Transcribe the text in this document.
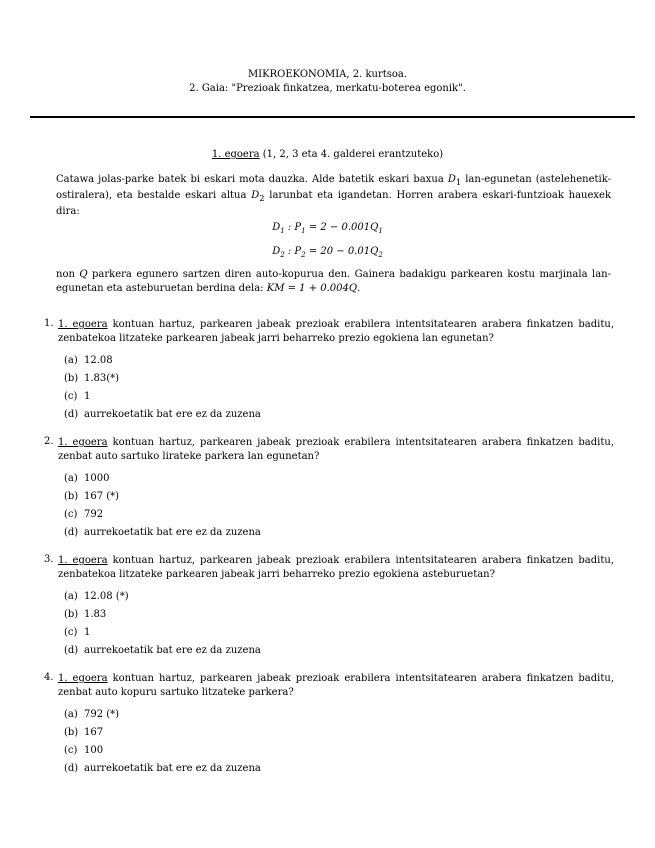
MIKROEKONOMIA, 2. kurtsoa.
2. Gaia: "Prezioak finkatzea, merkatu-boterea egonik".
1. egoera (1, 2, 3 eta 4. galderei erantzuteko)
Catawa jolas-parke batek bi eskari mota dauzka. Alde batetik eskari baxua $D_1$ lan-egunetan (astelehenetik-ostiralera), eta bestalde eskari altua $D_2$ larunbat eta igandetan. Horren arabera eskari-funtzioak hauexek dira:
$D_1$ : $P_1 = 2 - 0.001Q_1$
$D_2$ : $P_2 = 20 - 0.01Q_2$
non Q parkera egunero sartzen diren auto-kopurua den. Gainera badakigu parkearen kostu marjinala lan-egunetan eta asteburuetan berdina dela: KM = 1 + 0.004Q.
1. 1. egoera kontuan hartuz, parkearen jabeak prezioak erabilera intentsitatearen arabera finkatzen baditu, zenbatekoa litzateke parkearen jabeak jarri beharreko prezio egokiena lan egunetan?
(a) 12.08
(b) 1.83(*)
(c) 1
(d) aurrekoetatik bat ere ez da zuzena
2. 1. egoera kontuan hartuz, parkearen jabeak prezioak erabilera intentsitatearen arabera finkatzen baditu, zenbat auto sartuko lirateke parkera lan egunetan?
(a) 1000
(b) 167 (*)
(c) 792
(d) aurrekoetatik bat ere ez da zuzena
3. 1. egoera kontuan hartuz, parkearen jabeak prezioak erabilera intentsitatearen arabera finkatzen baditu, zenbatekoa litzateke parkearen jabeak jarri beharreko prezio egokiena asteburuetan?
(a) 12.08 (*)
(b) 1.83
(c) 1
(d) aurrekoetatik bat ere ez da zuzena
4. 1. egoera kontuan hartuz, parkearen jabeak prezioak erabilera intentsitatearen arabera finkatzen baditu, zenbat auto kopuru sartuko litzateke parkera?
(a) 792 (*)
(b) 167
(c) 100
(d) aurrekoetatik bat ere ez da zuzena
